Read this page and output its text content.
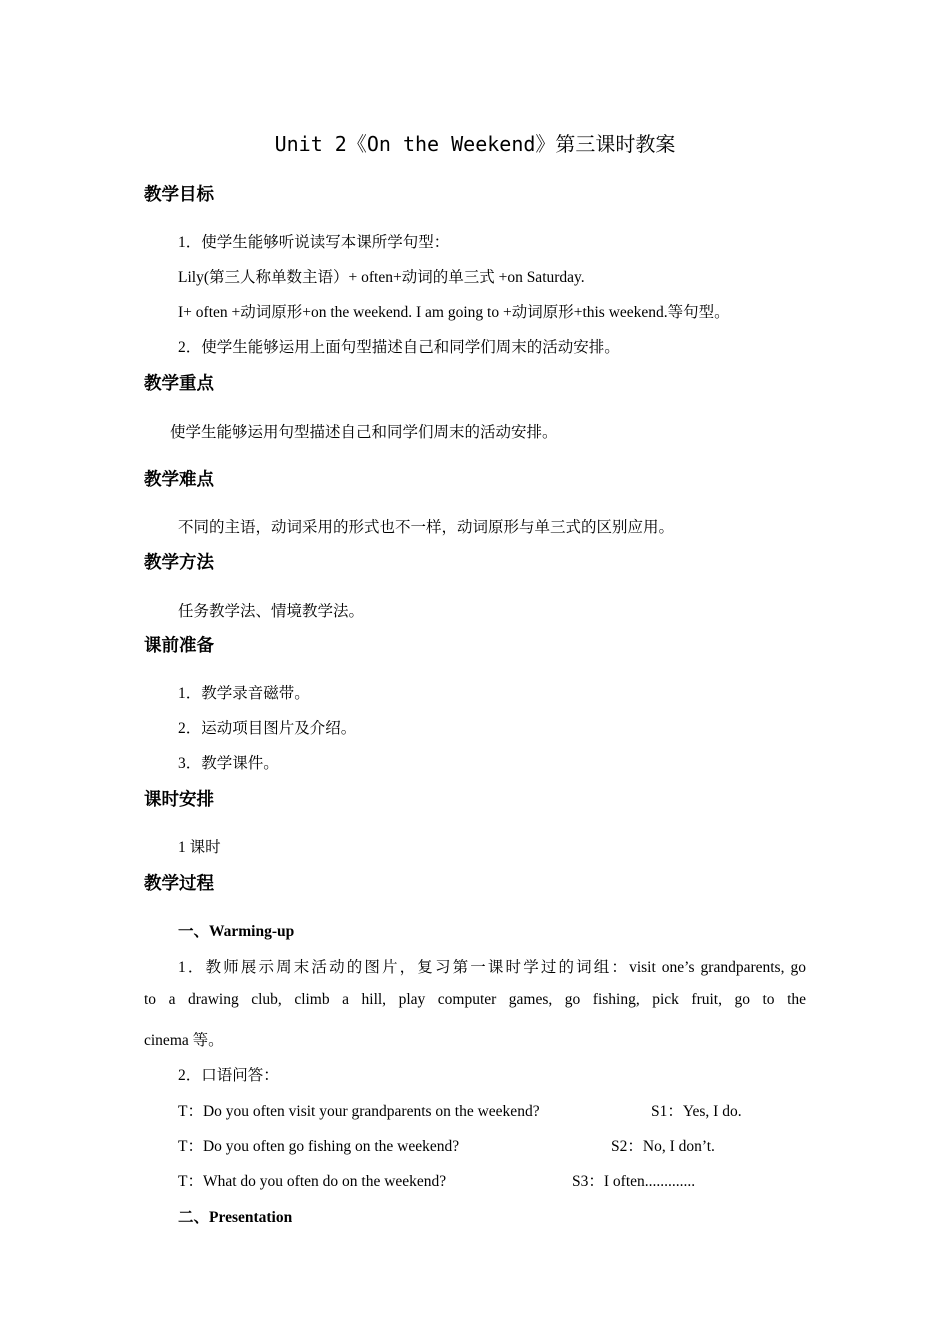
Unit 2《On the Weekend》第三课时教案
教学目标
1．使学生能够听说读写本课所学句型：
Lily(第三人称单数主语）+ often+动词的单三式 +on Saturday.
I+ often +动词原形+on the weekend. I am going to +动词原形+this weekend.等句型。
2．使学生能够运用上面句型描述自己和同学们周末的活动安排。
教学重点
使学生能够运用句型描述自己和同学们周末的活动安排。
教学难点
不同的主语，动词采用的形式也不一样，动词原形与单三式的区别应用。
教学方法
任务教学法、情境教学法。
课前准备
1．教学录音磁带。
2．运动项目图片及介绍。
3．教学课件。
课时安排
1 课时
教学过程
一、Warming-up
1．教师展示周末活动的图片，复习第一课时学过的词组：visit one’s grandparents, go
to a drawing club, climb a hill, play computer games, go fishing, pick fruit, go to the
cinema 等。
2．口语问答：
T：Do you often visit your grandparents on the weekend?	S1：Yes, I do.
T：Do you often go fishing on the weekend?	S2：No, I don’t.
T：What do you often do on the weekend?	S3：I often.............
二、Presentation
